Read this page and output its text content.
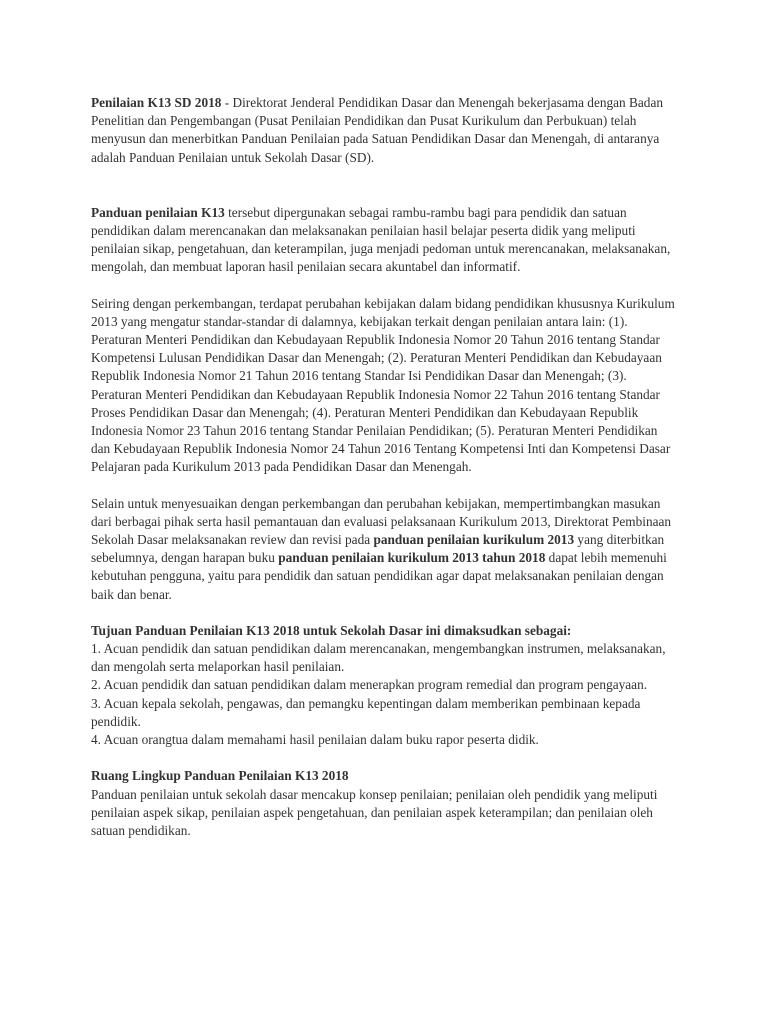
Penilaian K13 SD 2018 - Direktorat Jenderal Pendidikan Dasar dan Menengah bekerjasama dengan Badan Penelitian dan Pengembangan (Pusat Penilaian Pendidikan dan Pusat Kurikulum dan Perbukuan) telah menyusun dan menerbitkan Panduan Penilaian pada Satuan Pendidikan Dasar dan Menengah, di antaranya adalah Panduan Penilaian untuk Sekolah Dasar (SD).

Panduan penilaian K13 tersebut dipergunakan sebagai rambu-rambu bagi para pendidik dan satuan pendidikan dalam merencanakan dan melaksanakan penilaian hasil belajar peserta didik yang meliputi penilaian sikap, pengetahuan, dan keterampilan, juga menjadi pedoman untuk merencanakan, melaksanakan, mengolah, dan membuat laporan hasil penilaian secara akuntabel dan informatif.

Seiring dengan perkembangan, terdapat perubahan kebijakan dalam bidang pendidikan khususnya Kurikulum 2013 yang mengatur standar-standar di dalamnya, kebijakan terkait dengan penilaian antara lain: (1). Peraturan Menteri Pendidikan dan Kebudayaan Republik Indonesia Nomor 20 Tahun 2016 tentang Standar Kompetensi Lulusan Pendidikan Dasar dan Menengah; (2). Peraturan Menteri Pendidikan dan Kebudayaan Republik Indonesia Nomor 21 Tahun 2016 tentang Standar Isi Pendidikan Dasar dan Menengah; (3). Peraturan Menteri Pendidikan dan Kebudayaan Republik Indonesia Nomor 22 Tahun 2016 tentang Standar Proses Pendidikan Dasar dan Menengah; (4). Peraturan Menteri Pendidikan dan Kebudayaan Republik Indonesia Nomor 23 Tahun 2016 tentang Standar Penilaian Pendidikan; (5). Peraturan Menteri Pendidikan dan Kebudayaan Republik Indonesia Nomor 24 Tahun 2016 Tentang Kompetensi Inti dan Kompetensi Dasar Pelajaran pada Kurikulum 2013 pada Pendidikan Dasar dan Menengah.

Selain untuk menyesuaikan dengan perkembangan dan perubahan kebijakan, mempertimbangkan masukan dari berbagai pihak serta hasil pemantauan dan evaluasi pelaksanaan Kurikulum 2013, Direktorat Pembinaan Sekolah Dasar melaksanakan review dan revisi pada panduan penilaian kurikulum 2013 yang diterbitkan sebelumnya, dengan harapan buku panduan penilaian kurikulum 2013 tahun 2018 dapat lebih memenuhi kebutuhan pengguna, yaitu para pendidik dan satuan pendidikan agar dapat melaksanakan penilaian dengan baik dan benar.

Tujuan Panduan Penilaian K13 2018 untuk Sekolah Dasar ini dimaksudkan sebagai:

1. Acuan pendidik dan satuan pendidikan dalam merencanakan, mengembangkan instrumen, melaksanakan, dan mengolah serta melaporkan hasil penilaian.

2. Acuan pendidik dan satuan pendidikan dalam menerapkan program remedial dan program pengayaan.

3. Acuan kepala sekolah, pengawas, dan pemangku kepentingan dalam memberikan pembinaan kepada pendidik.

4. Acuan orangtua dalam memahami hasil penilaian dalam buku rapor peserta didik.

Ruang Lingkup Panduan Penilaian K13 2018

Panduan penilaian untuk sekolah dasar mencakup konsep penilaian; penilaian oleh pendidik yang meliputi penilaian aspek sikap, penilaian aspek pengetahuan, dan penilaian aspek keterampilan; dan penilaian oleh satuan pendidikan.
